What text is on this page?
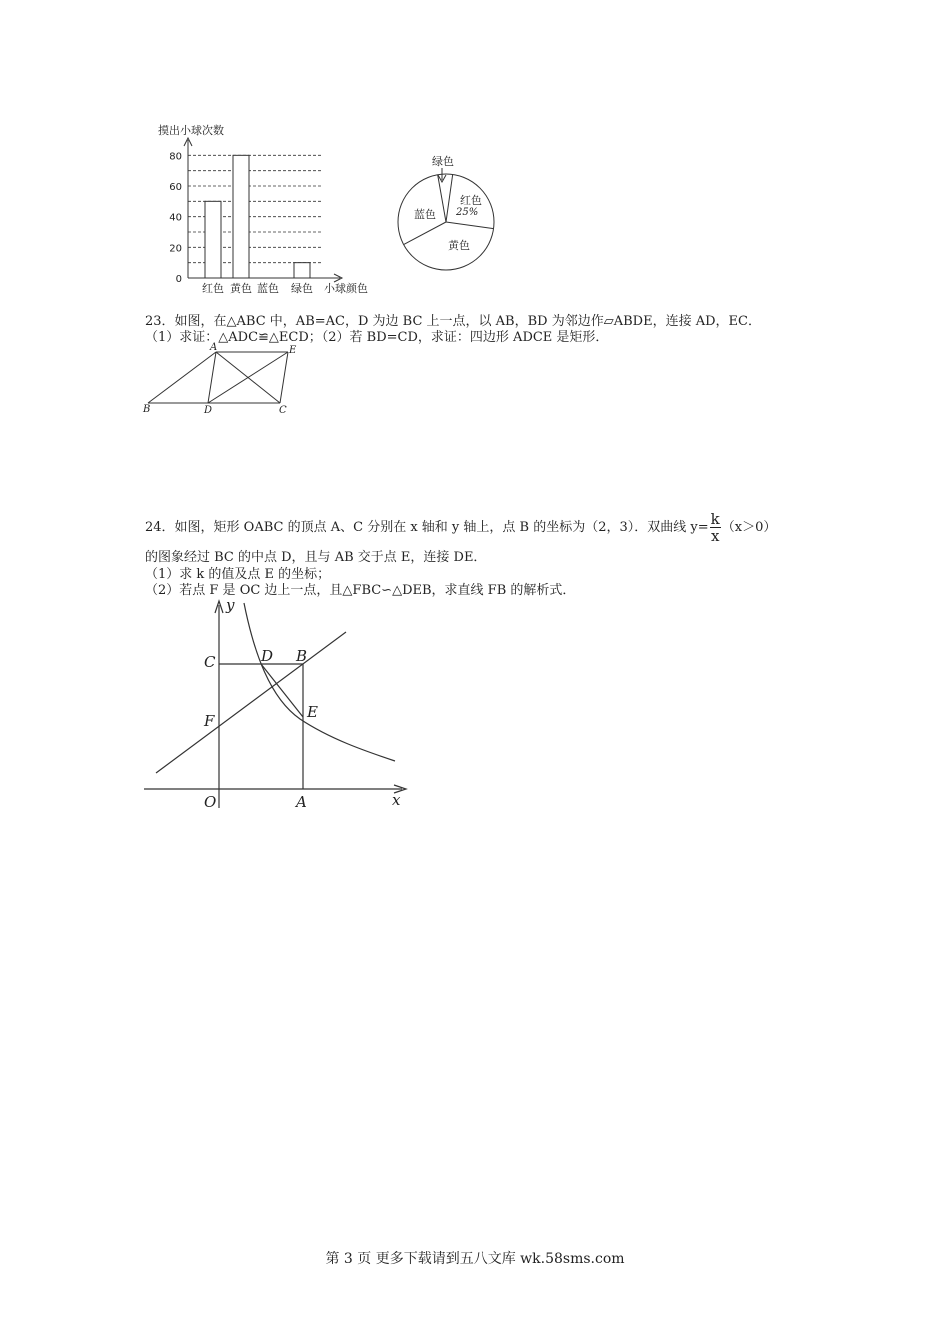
摸出小球次数
0
20
40
60
80
红色 黄色 蓝色 绿色 小球颜色
绿色
红色
25%
蓝色
黄色
23．如图，在△ABC 中，AB=AC，D 为边 BC 上一点，以 AB，BD 为邻边作▱ABDE，连接 AD，EC．
（1）求证：△ADC≌△ECD；（2）若 BD=CD，求证：四边形 ADCE 是矩形．
A	E
B	D	C
24．如图，矩形 OABC 的顶点 A、C 分别在 x 轴和 y 轴上，点 B 的坐标为（2，3）．双曲线 $y= \frac{k}{x} (x>0)$
的图象经过 BC 的中点 D，且与 AB 交于点 E，连接 DE．
（1）求 k 的值及点 E 的坐标；
（2）若点 F 是 OC 边上一点，且△FBC∽△DEB，求直线 FB 的解析式．
y
x
O	A
C	D B
F	E
第 3 页 更多下载请到五八文库 wk.58sms.com
